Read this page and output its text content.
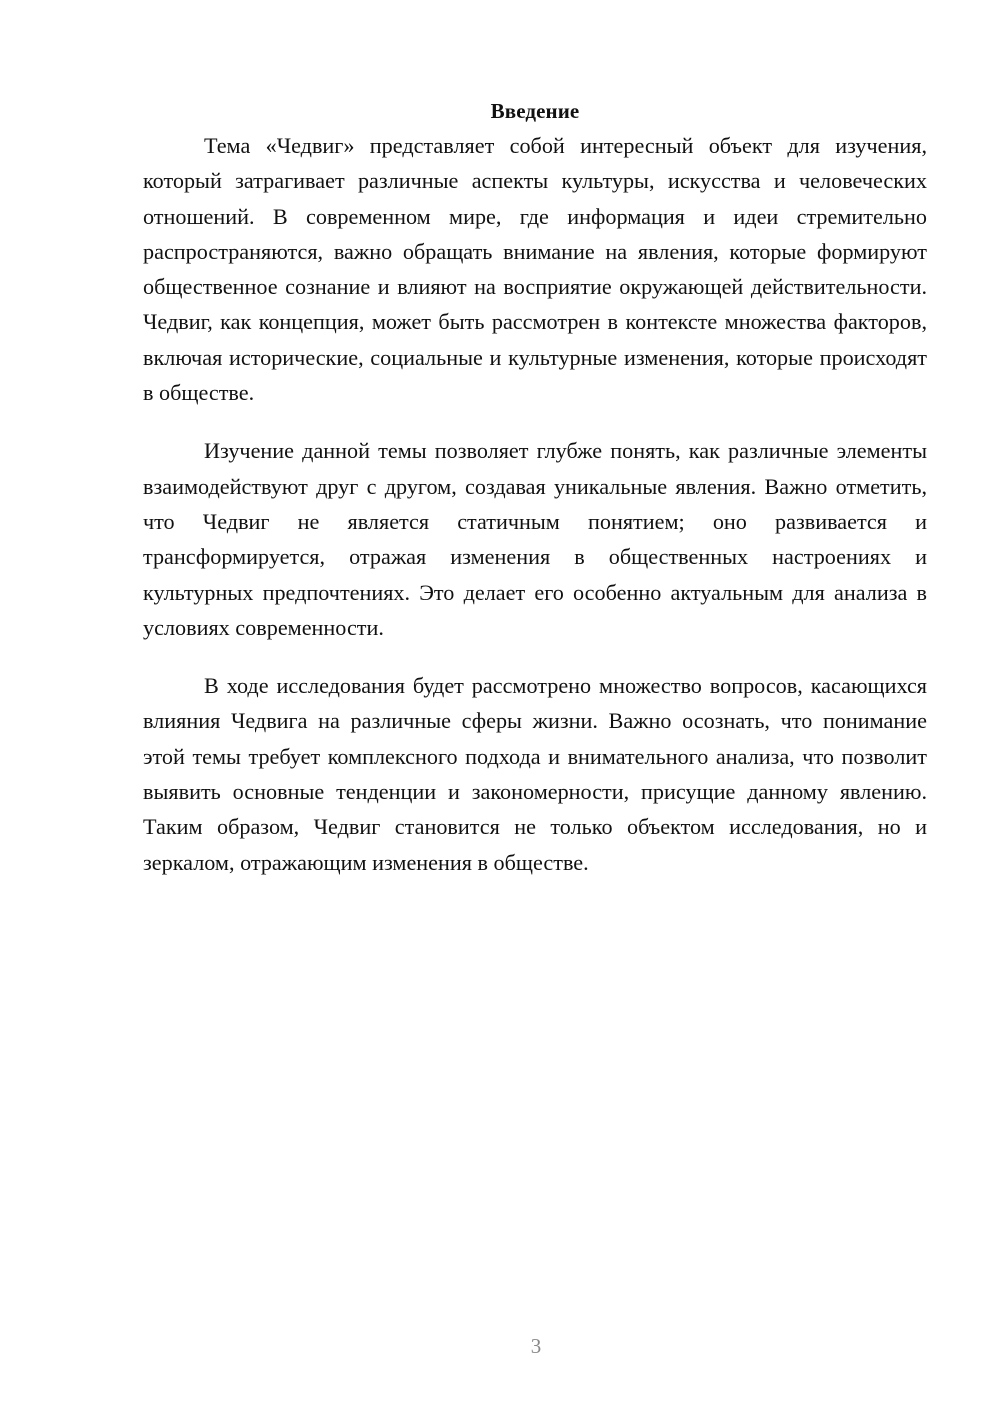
Введение

Тема «Чедвиг» представляет собой интересный объект для изучения, который затрагивает различные аспекты культуры, искусства и человеческих отношений. В современном мире, где информация и идеи стремительно распространяются, важно обращать внимание на явления, которые формируют общественное сознание и влияют на восприятие окружающей действительности. Чедвиг, как концепция, может быть рассмотрен в контексте множества факторов, включая исторические, социальные и культурные изменения, которые происходят в обществе.

Изучение данной темы позволяет глубже понять, как различные элементы взаимодействуют друг с другом, создавая уникальные явления. Важно отметить, что Чедвиг не является статичным понятием; оно развивается и трансформируется, отражая изменения в общественных настроениях и культурных предпочтениях. Это делает его особенно актуальным для анализа в условиях современности.

В ходе исследования будет рассмотрено множество вопросов, касающихся влияния Чедвига на различные сферы жизни. Важно осознать, что понимание этой темы требует комплексного подхода и внимательного анализа, что позволит выявить основные тенденции и закономерности, присущие данному явлению. Таким образом, Чедвиг становится не только объектом исследования, но и зеркалом, отражающим изменения в обществе.

3
